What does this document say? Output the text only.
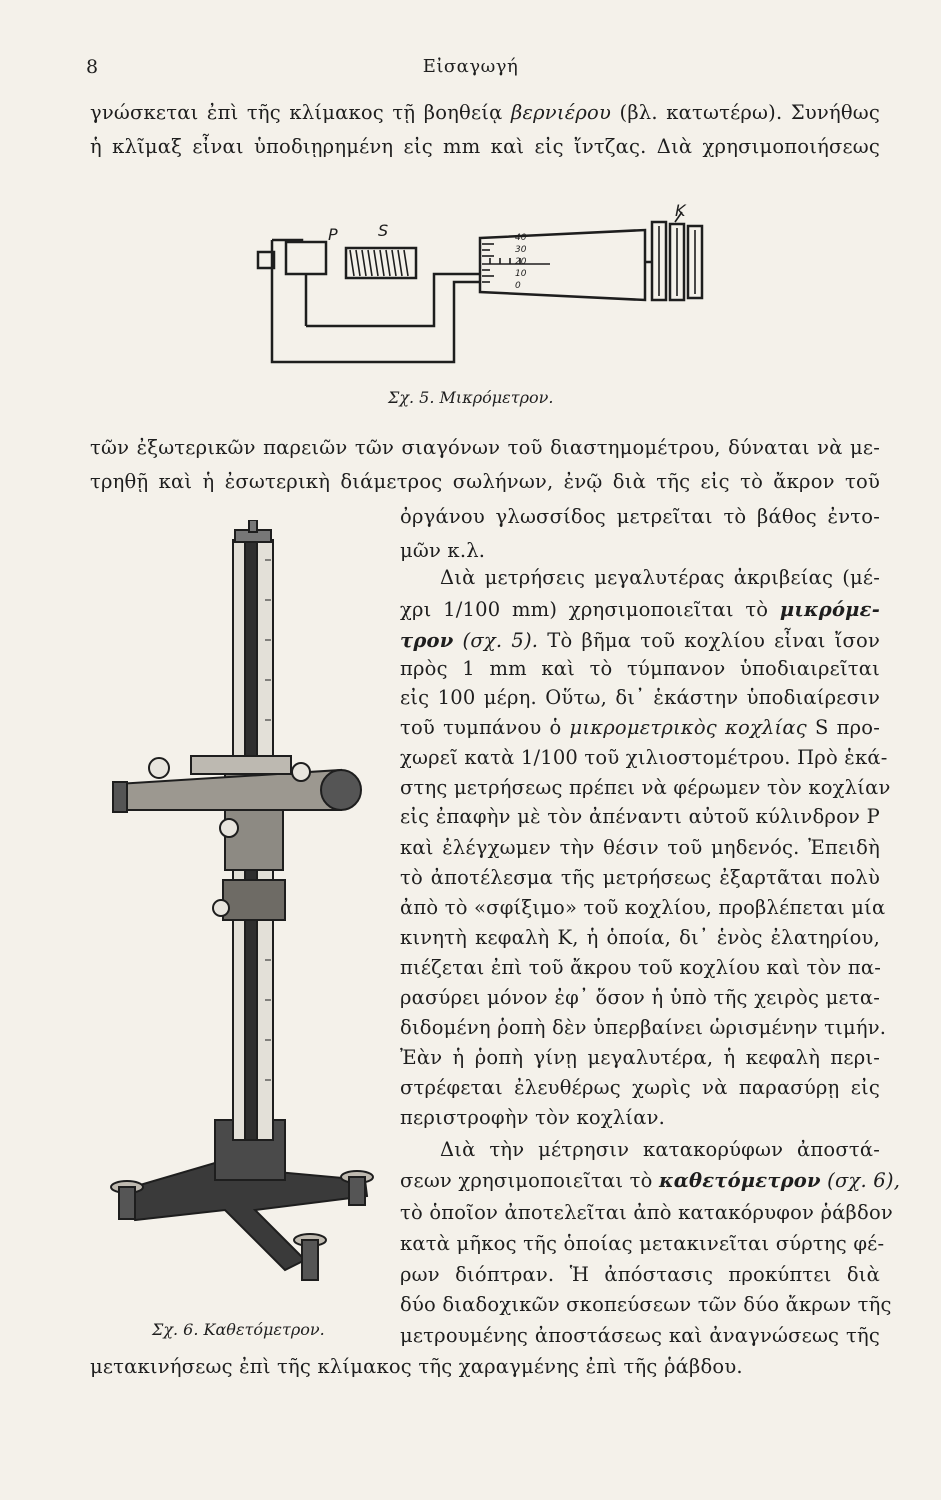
8	Εἰσαγωγή
γνώσκεται ἐπὶ τῆς κλίμακος τῇ βοηθείᾳ βερνιέρου (βλ. κατωτέρω). Συνήθως
ἡ κλῖμαξ εἶναι ὑποδιῃρημένη εἰς mm καὶ εἰς ἴντζας. Διὰ χρησιμοποιήσεως
P	S
K
40
30
20
10
0
Σχ. 5. Μικρόμετρον.
τῶν ἐξωτερικῶν παρειῶν τῶν σιαγόνων τοῦ διαστημομέτρου, δύναται νὰ με-
τρηθῇ καὶ ἡ ἐσωτερικὴ διάμετρος σωλήνων, ἐνῷ διὰ τῆς εἰς τὸ ἄκρον τοῦ
ὀργάνου γλωσσίδος μετρεῖται τὸ βάθος ἐντο-
μῶν κ.λ.
Διὰ μετρήσεις μεγαλυτέρας ἀκριβείας (μέ-
χρι 1/100 mm) χρησιμοποιεῖται τὸ μικρόμε-
τρον (σχ. 5). Τὸ βῆμα τοῦ κοχλίου εἶναι ἴσον
πρὸς 1 mm καὶ τὸ τύμπανον ὑποδιαιρεῖται
εἰς 100 μέρη. Οὕτω, δι᾽ ἑκάστην ὑποδιαίρεσιν
τοῦ τυμπάνου ὁ μικρομετρικὸς κοχλίας S προ-
χωρεῖ κατὰ 1/100 τοῦ χιλιοστομέτρου. Πρὸ ἑκά-
στης μετρήσεως πρέπει νὰ φέρωμεν τὸν κοχλίαν
εἰς ἐπαφὴν μὲ τὸν ἀπέναντι αὐτοῦ κύλινδρον P
καὶ ἐλέγχωμεν τὴν θέσιν τοῦ μηδενός. Ἐπειδὴ
τὸ ἀποτέλεσμα τῆς μετρήσεως ἐξαρτᾶται πολὺ
ἀπὸ τὸ «σφίξιμο» τοῦ κοχλίου, προβλέπεται μία
κινητὴ κεφαλὴ K, ἡ ὁποία, δι᾽ ἑνὸς ἐλατηρίου,
πιέζεται ἐπὶ τοῦ ἄκρου τοῦ κοχλίου καὶ τὸν πα-
ρασύρει μόνον ἐφ᾽ ὅσον ἡ ὑπὸ τῆς χειρὸς μετα-
διδομένη ῥοπὴ δὲν ὑπερβαίνει ὡρισμένην τιμήν.
Ἐὰν ἡ ῥοπὴ γίνῃ μεγαλυτέρα, ἡ κεφαλὴ περι-
στρέφεται ἐλευθέρως χωρὶς νὰ παρασύρῃ εἰς
περιστροφὴν τὸν κοχλίαν.
Διὰ τὴν μέτρησιν κατακορύφων ἀποστά-
σεων χρησιμοποιεῖται τὸ καθετόμετρον (σχ. 6),
τὸ ὁποῖον ἀποτελεῖται ἀπὸ κατακόρυφον ῥάβδον
κατὰ μῆκος τῆς ὁποίας μετακινεῖται σύρτης φέ-
ρων διόπτραν. Ἡ ἀπόστασις προκύπτει διὰ
δύο διαδοχικῶν σκοπεύσεων τῶν δύο ἄκρων τῆς
μετρουμένης ἀποστάσεως καὶ ἀναγνώσεως τῆς
μετακινήσεως ἐπὶ τῆς κλίμακος τῆς χαραγμένης ἐπὶ τῆς ῥάβδου.
Σχ. 6. Καθετόμετρον.
